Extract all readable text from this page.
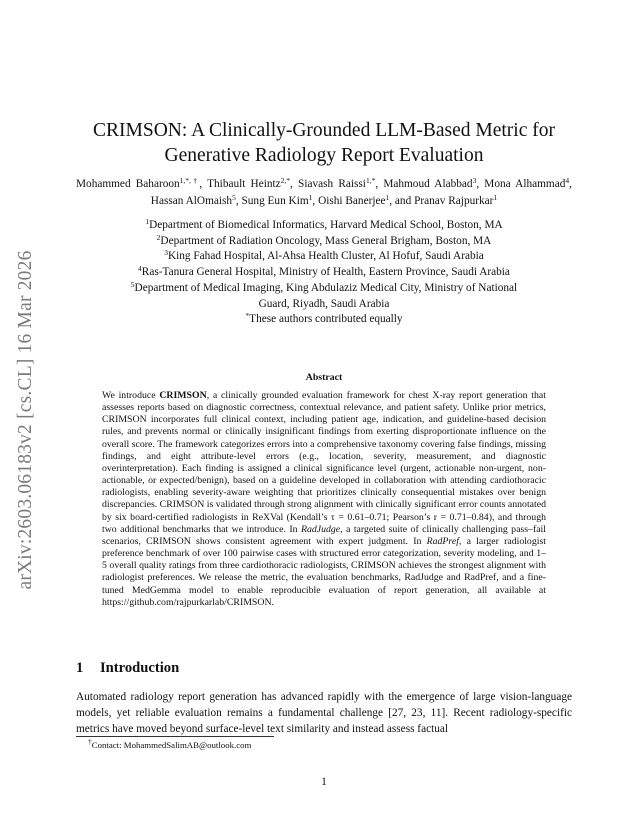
arXiv:2603.06183v2 [cs.CL] 16 Mar 2026
CRIMSON: A Clinically-Grounded LLM-Based Metric for
Generative Radiology Report Evaluation
Mohammed Baharoon$^{1,*,\dagger}$, Thibault Heintz$^{2,*}$, Siavash Raissi$^{1,*}$, Mahmoud Alabbad$^3$, Mona Alhammad$^4$, Hassan AlOmaish$^5$, Sung Eun Kim$^1$, Oishi Banerjee$^1$, and Pranav Rajpurkar$^1$
$^1$Department of Biomedical Informatics, Harvard Medical School, Boston, MA
$^2$Department of Radiation Oncology, Mass General Brigham, Boston, MA
$^3$King Fahad Hospital, Al-Ahsa Health Cluster, Al Hofuf, Saudi Arabia
$^4$Ras-Tanura General Hospital, Ministry of Health, Eastern Province, Saudi Arabia
$^5$Department of Medical Imaging, King Abdulaziz Medical City, Ministry of National
Guard, Riyadh, Saudi Arabia
*These authors contributed equally
Abstract
We introduce CRIMSON, a clinically grounded evaluation framework for chest X-ray report generation that assesses reports based on diagnostic correctness, contextual relevance, and patient safety. Unlike prior metrics, CRIMSON incorporates full clinical context, including patient age, indication, and guideline-based decision rules, and prevents normal or clinically insignificant findings from exerting disproportionate influence on the overall score. The framework categorizes errors into a comprehensive taxonomy covering false findings, missing findings, and eight attribute-level errors (e.g., location, severity, measurement, and diagnostic overinterpretation). Each finding is assigned a clinical significance level (urgent, actionable non-urgent, non-actionable, or expected/benign), based on a guideline developed in collaboration with attending cardiothoracic radiologists, enabling severity-aware weighting that prioritizes clinically consequential mistakes over benign discrepancies. CRIMSON is validated through strong alignment with clinically significant error counts annotated by six board-certified radiologists in ReXVal (Kendall’s τ = 0.61–0.71; Pearson’s r = 0.71–0.84), and through two additional benchmarks that we introduce. In RadJudge, a targeted suite of clinically challenging pass–fail scenarios, CRIMSON shows consistent agreement with expert judgment. In RadPref, a larger radiologist preference benchmark of over 100 pairwise cases with structured error categorization, severity modeling, and 1–5 overall quality ratings from three cardiothoracic radiologists, CRIMSON achieves the strongest alignment with radiologist preferences. We release the metric, the evaluation benchmarks, RadJudge and RadPref, and a fine-tuned MedGemma model to enable reproducible evaluation of report generation, all available at https://github.com/rajpurkarlab/CRIMSON.
1 Introduction
Automated radiology report generation has advanced rapidly with the emergence of large vision-language models, yet reliable evaluation remains a fundamental challenge [27, 23, 11]. Recent radiology-specific metrics have moved beyond surface-level text similarity and instead assess factual
†Contact: MohammedSalimAB@outlook.com
1
